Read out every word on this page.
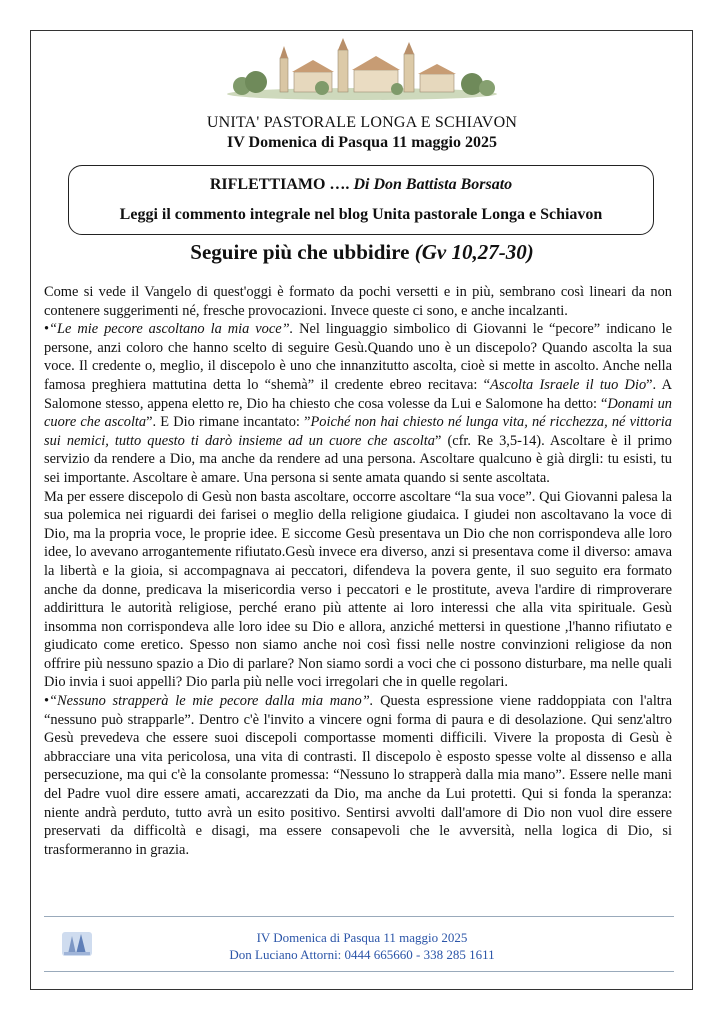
UNITA' PASTORALE LONGA E SCHIAVON
IV Domenica di Pasqua 11 maggio 2025
RIFLETTIAMO …. Di Don Battista Borsato
Leggi il commento integrale nel blog Unita pastorale Longa e Schiavon
Seguire più che ubbidire (Gv 10,27-30)

Come si vede il Vangelo di quest'oggi è formato da pochi versetti e in più, sembrano così lineari da non contenere suggerimenti né, fresche provocazioni. Invece queste ci sono, e anche incalzanti.

•“Le mie pecore ascoltano la mia voce”. Nel linguaggio simbolico di Giovanni le “pecore” indicano le persone, anzi coloro che hanno scelto di seguire Gesù.Quando uno è un discepolo? Quando ascolta la sua voce. Il credente o, meglio, il discepolo è uno che innanzitutto ascolta, cioè si mette in ascolto. Anche nella famosa preghiera mattutina detta lo “shemà” il credente ebreo recitava: “Ascolta Israele il tuo Dio”. A Salomone stesso, appena eletto re, Dio ha chiesto che cosa volesse da Lui e Salomone ha detto: “Donami un cuore che ascolta”. E Dio rimane incantato: ”Poiché non hai chiesto né lunga vita, né ricchezza, né vittoria sui nemici, tutto questo ti darò insieme ad un cuore che ascolta” (cfr. Re 3,5-14). Ascoltare è il primo servizio da rendere a Dio, ma anche da rendere ad una persona. Ascoltare qualcuno è già dirgli: tu esisti, tu sei importante. Ascoltare è amare. Una persona si sente amata quando si sente ascoltata.

Ma per essere discepolo di Gesù non basta ascoltare, occorre ascoltare “la sua voce”. Qui Giovanni palesa la sua polemica nei riguardi dei farisei o meglio della religione giudaica. I giudei non ascoltavano la voce di Dio, ma la propria voce, le proprie idee. E siccome Gesù presentava un Dio che non corrispondeva alle loro idee, lo avevano arrogantemente rifiutato.Gesù invece era diverso, anzi si presentava come il diverso: amava la libertà e la gioia, si accompagnava ai peccatori, difendeva la povera gente, il suo seguito era formato anche da donne, predicava la misericordia verso i peccatori e le prostitute, aveva l'ardire di rimproverare addirittura le autorità religiose, perché erano più attente ai loro interessi che alla vita spirituale. Gesù insomma non corrispondeva alle loro idee su Dio e allora, anziché mettersi in questione ,l'hanno rifiutato e giudicato come eretico. Spesso non siamo anche noi così fissi nelle nostre convinzioni religiose da non offrire più nessuno spazio a Dio di parlare? Non siamo sordi a voci che ci possono disturbare, ma nelle quali Dio invia i suoi appelli? Dio parla più nelle voci irregolari che in quelle regolari.

•“Nessuno strapperà le mie pecore dalla mia mano”. Questa espressione viene raddoppiata con l'altra “nessuno può strapparle”. Dentro c'è l'invito a vincere ogni forma di paura e di desolazione. Qui senz'altro Gesù prevedeva che essere suoi discepoli comportasse momenti difficili. Vivere la proposta di Gesù è abbracciare una vita pericolosa, una vita di contrasti. Il discepolo è esposto spesse volte al dissenso e alla persecuzione, ma qui c'è la consolante promessa: “Nessuno lo strapperà dalla mia mano”. Essere nelle mani del Padre vuol dire essere amati, accarezzati da Dio, ma anche da Lui protetti. Qui si fonda la speranza: niente andrà perduto, tutto avrà un esito positivo. Sentirsi avvolti dall'amore di Dio non vuol dire essere preservati da difficoltà e disagi, ma essere consapevoli che le avversità, nella logica di Dio, si trasformeranno in grazia.

IV Domenica di Pasqua 11 maggio 2025
Don Luciano Attorni: 0444 665660 - 338 285 1611
